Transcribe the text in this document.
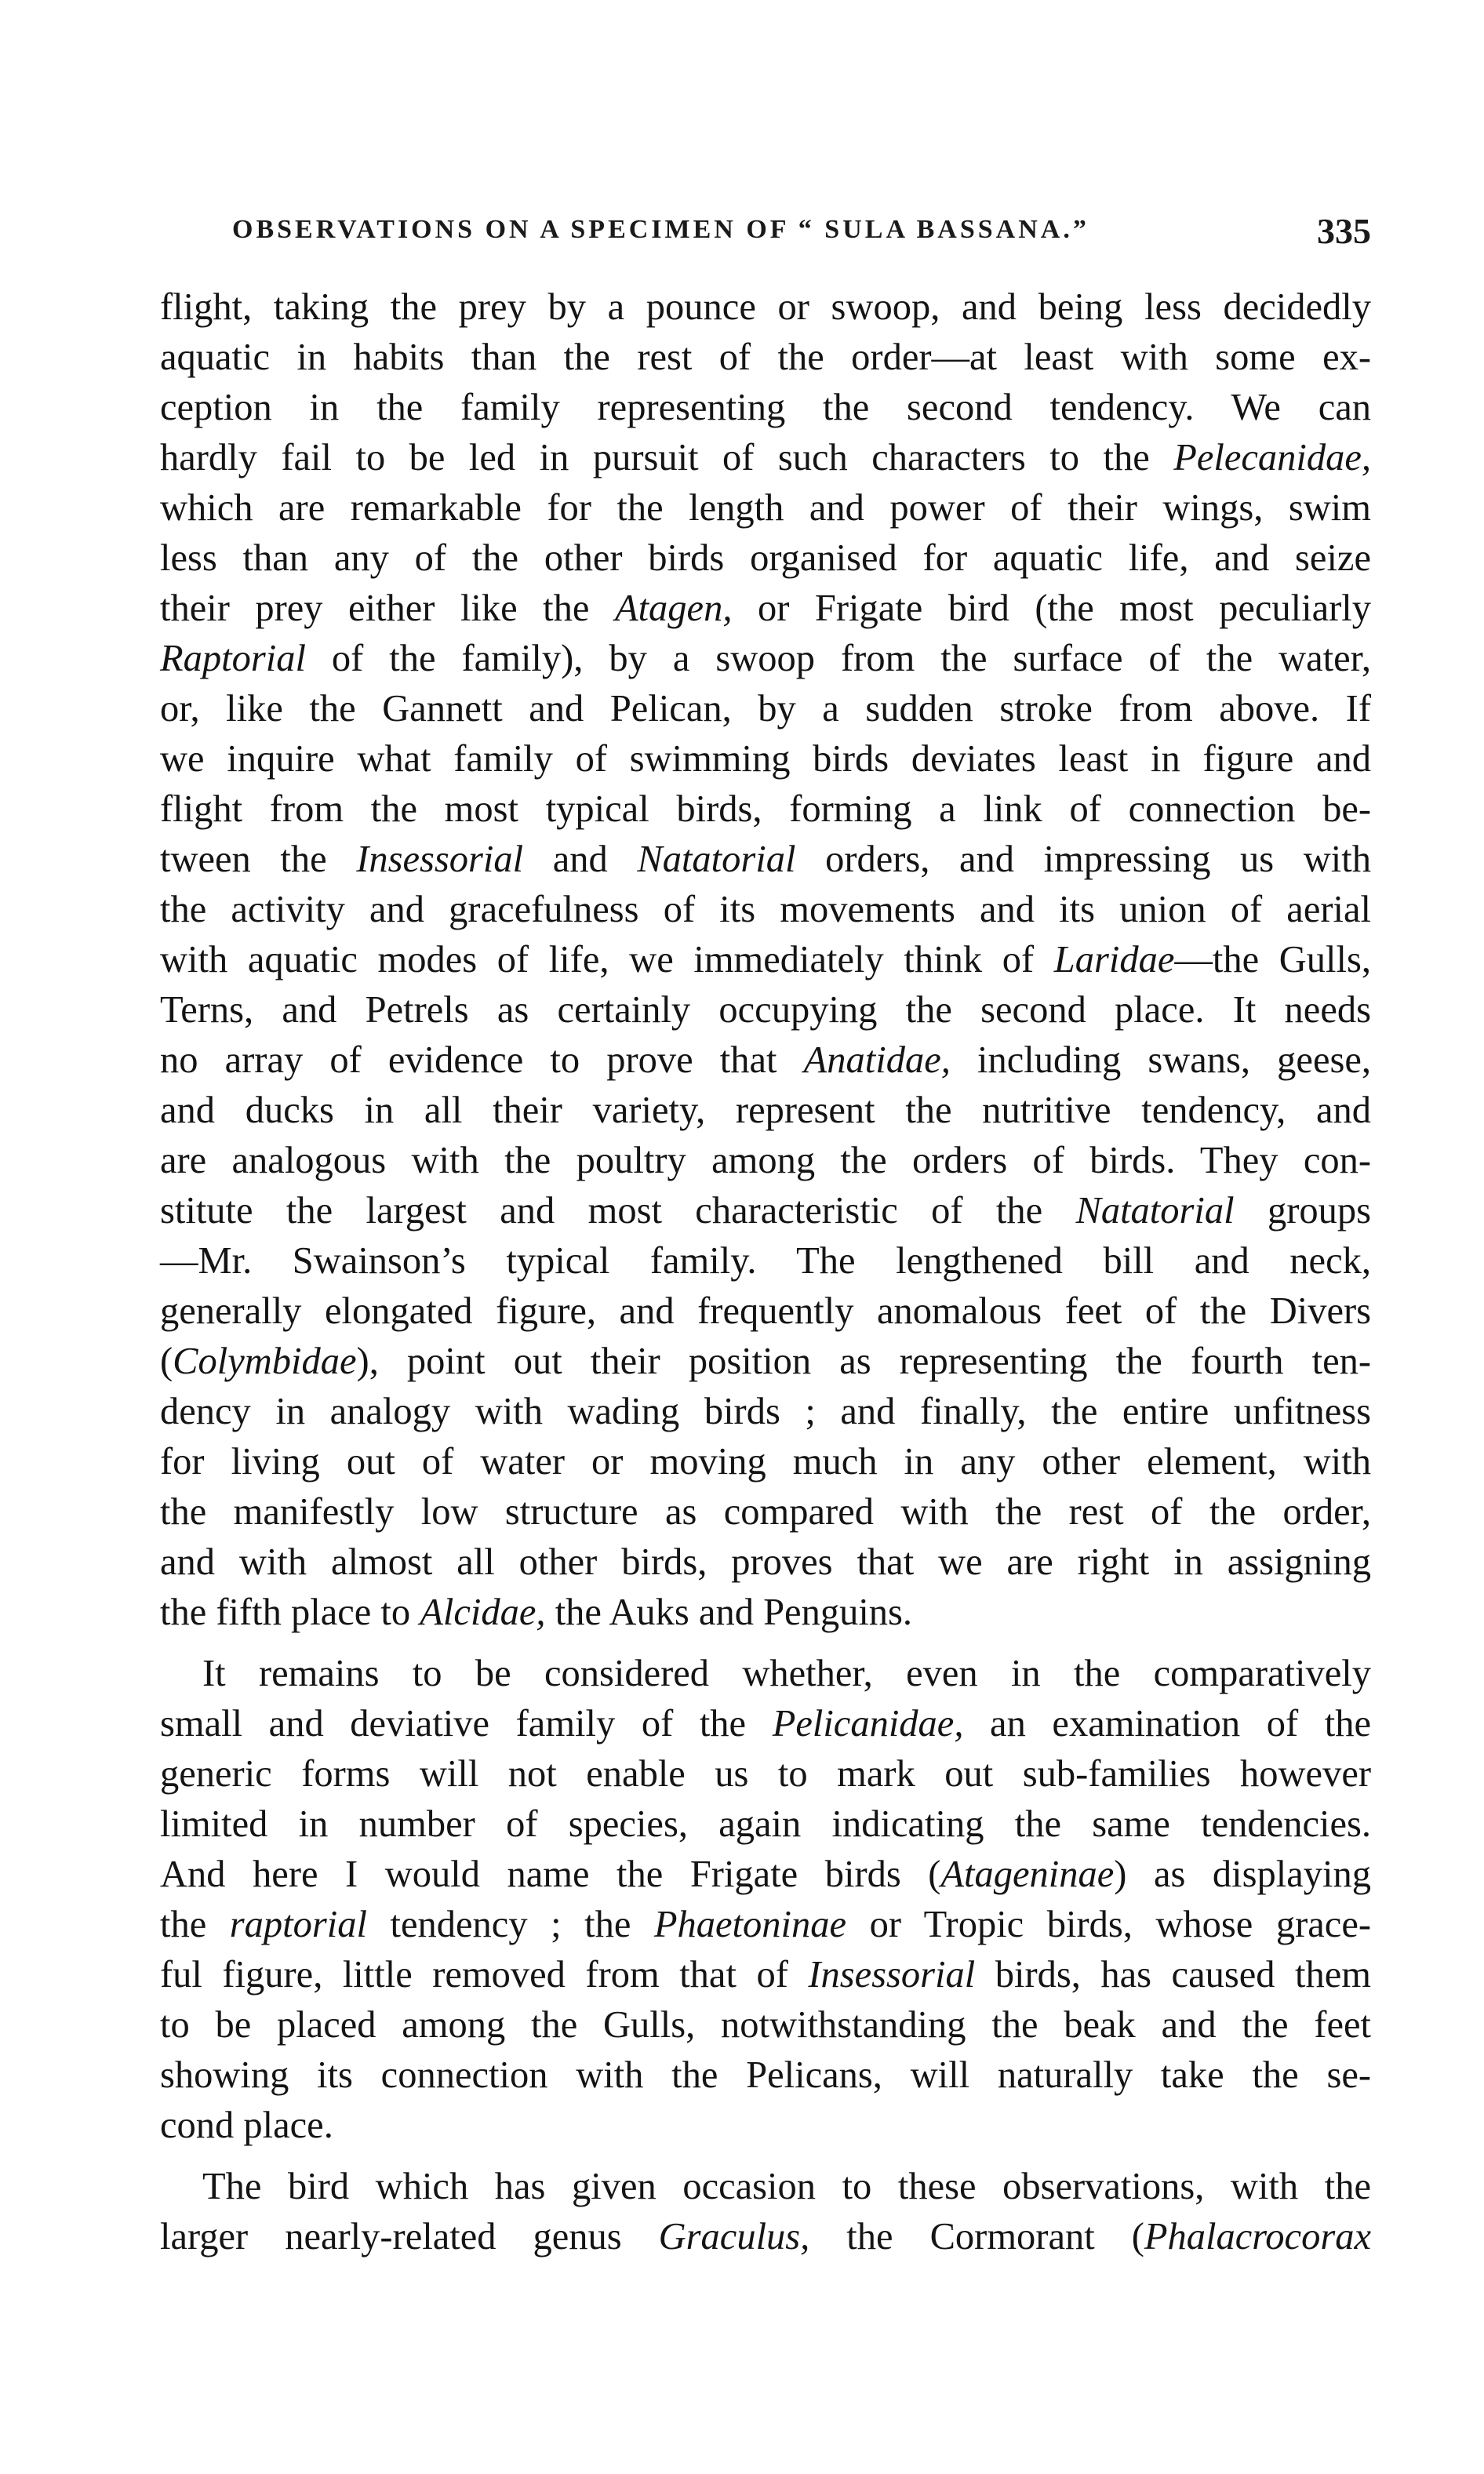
OBSERVATIONS ON A SPECIMEN OF “ SULA BASSANA.”	335
flight, taking the prey by a pounce or swoop, and being less decidedly
aquatic in habits than the rest of the order—at least with some ex-
ception in the family representing the second tendency. We can
hardly fail to be led in pursuit of such characters to the Pelecanidae,
which are remarkable for the length and power of their wings, swim
less than any of the other birds organised for aquatic life, and seize
their prey either like the Atagen, or Frigate bird (the most peculiarly
Raptorial of the family), by a swoop from the surface of the water,
or, like the Gannett and Pelican, by a sudden stroke from above. If
we inquire what family of swimming birds deviates least in figure and
flight from the most typical birds, forming a link of connection be-
tween the Insessorial and Natatorial orders, and impressing us with
the activity and gracefulness of its movements and its union of aerial
with aquatic modes of life, we immediately think of Laridae—the Gulls,
Terns, and Petrels as certainly occupying the second place. It needs
no array of evidence to prove that Anatidae, including swans, geese,
and ducks in all their variety, represent the nutritive tendency, and
are analogous with the poultry among the orders of birds. They con-
stitute the largest and most characteristic of the Natatorial groups
—Mr. Swainson’s typical family. The lengthened bill and neck,
generally elongated figure, and frequently anomalous feet of the Divers
(Colymbidae), point out their position as representing the fourth ten-
dency in analogy with wading birds ; and finally, the entire unfitness
for living out of water or moving much in any other element, with
the manifestly low structure as compared with the rest of the order,
and with almost all other birds, proves that we are right in assigning
the fifth place to Alcidae, the Auks and Penguins.
It remains to be considered whether, even in the comparatively
small and deviative family of the Pelicanidae, an examination of the
generic forms will not enable us to mark out sub-families however
limited in number of species, again indicating the same tendencies.
And here I would name the Frigate birds (Atageninae) as displaying
the raptorial tendency ; the Phaetoninae or Tropic birds, whose grace-
ful figure, little removed from that of Insessorial birds, has caused them
to be placed among the Gulls, notwithstanding the beak and the feet
showing its connection with the Pelicans, will naturally take the se-
cond place.
The bird which has given occasion to these observations, with the
larger nearly-related genus Graculus, the Cormorant (Phalacrocorax
